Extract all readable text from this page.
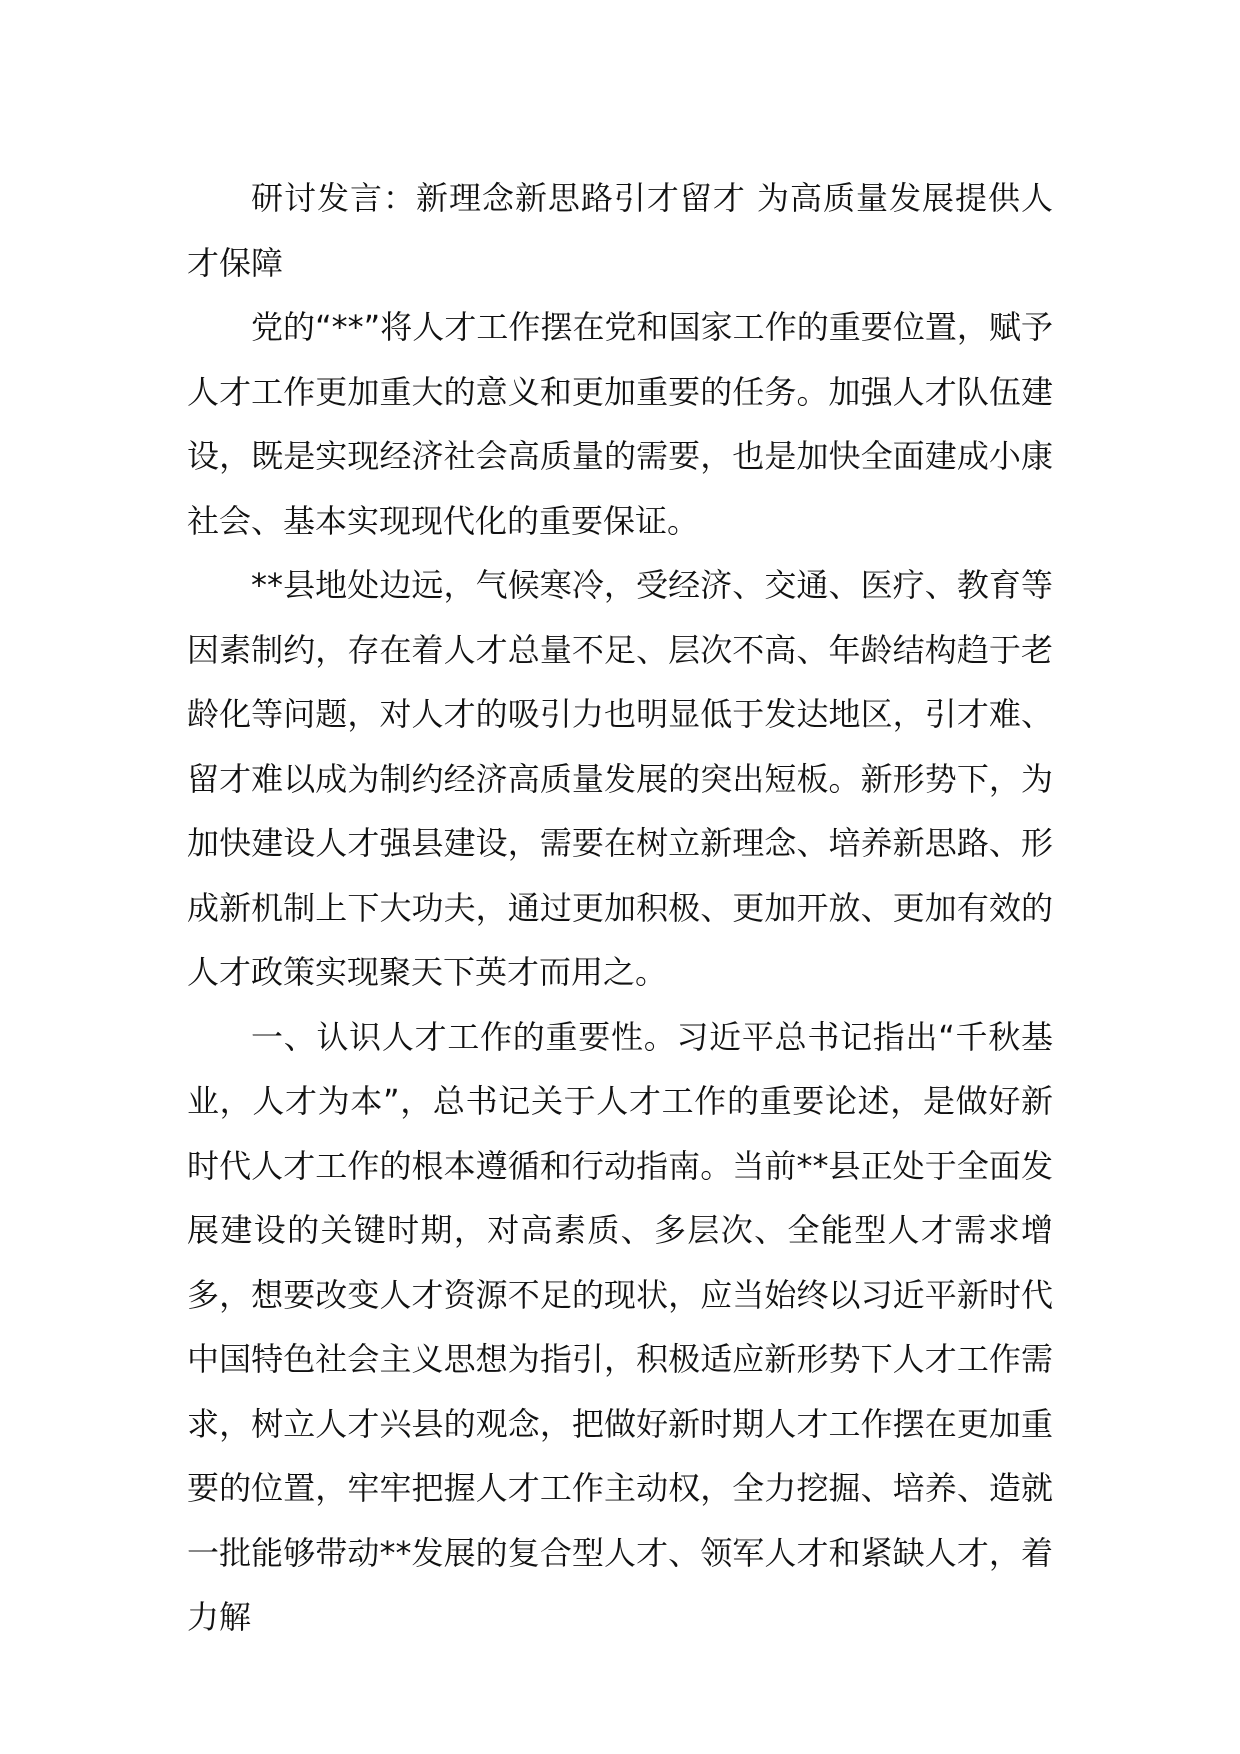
研讨发言：新理念新思路引才留才 为高质量发展提供人才保障

党的“**”将人才工作摆在党和国家工作的重要位置，赋予人才工作更加重大的意义和更加重要的任务。加强人才队伍建设，既是实现经济社会高质量的需要，也是加快全面建成小康社会、基本实现现代化的重要保证。

**县地处边远，气候寒冷，受经济、交通、医疗、教育等因素制约，存在着人才总量不足、层次不高、年龄结构趋于老龄化等问题，对人才的吸引力也明显低于发达地区，引才难、留才难以成为制约经济高质量发展的突出短板。新形势下，为加快建设人才强县建设，需要在树立新理念、培养新思路、形成新机制上下大功夫，通过更加积极、更加开放、更加有效的人才政策实现聚天下英才而用之。

一、认识人才工作的重要性。习近平总书记指出“千秋基业，人才为本”，总书记关于人才工作的重要论述，是做好新时代人才工作的根本遵循和行动指南。当前**县正处于全面发展建设的关键时期，对高素质、多层次、全能型人才需求增多，想要改变人才资源不足的现状，应当始终以习近平新时代中国特色社会主义思想为指引，积极适应新形势下人才工作需求，树立人才兴县的观念，把做好新时期人才工作摆在更加重要的位置，牢牢把握人才工作主动权，全力挖掘、培养、造就一批能够带动**发展的复合型人才、领军人才和紧缺人才，着力解
